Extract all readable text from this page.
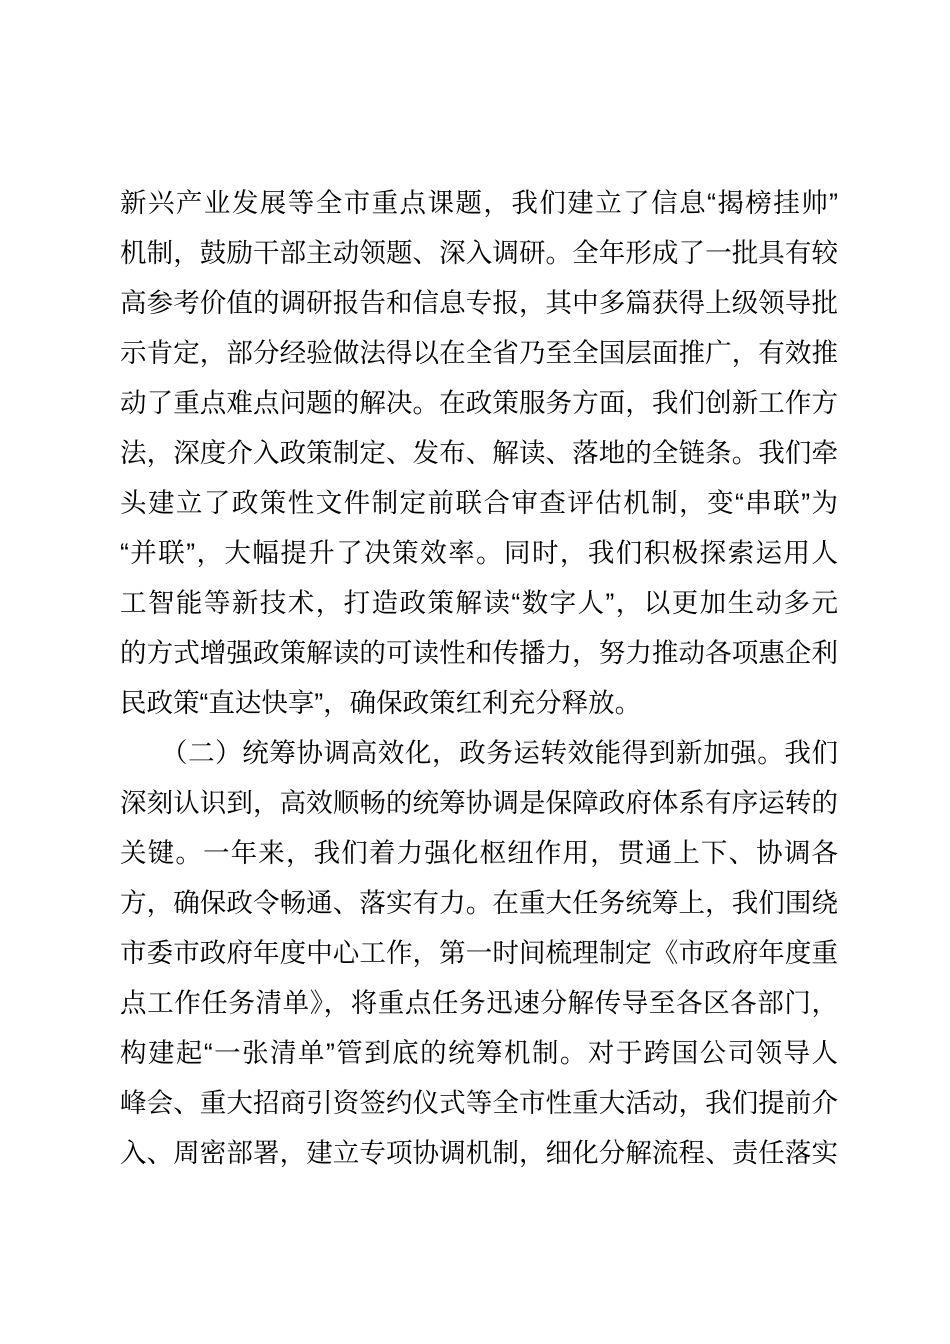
新兴产业发展等全市重点课题，我们建立了信息“揭榜挂帅”

机制，鼓励干部主动领题、深入调研。全年形成了一批具有较

高参考价值的调研报告和信息专报，其中多篇获得上级领导批

示肯定，部分经验做法得以在全省乃至全国层面推广，有效推

动了重点难点问题的解决。在政策服务方面，我们创新工作方

法，深度介入政策制定、发布、解读、落地的全链条。我们牵

头建立了政策性文件制定前联合审查评估机制，变“串联”为

“并联”，大幅提升了决策效率。同时，我们积极探索运用人

工智能等新技术，打造政策解读“数字人”，以更加生动多元

的方式增强政策解读的可读性和传播力，努力推动各项惠企利

民政策“直达快享”，确保政策红利充分释放。

　　（二）统筹协调高效化，政务运转效能得到新加强。我们

深刻认识到，高效顺畅的统筹协调是保障政府体系有序运转的

关键。一年来，我们着力强化枢纽作用，贯通上下、协调各

方，确保政令畅通、落实有力。在重大任务统筹上，我们围绕

市委市政府年度中心工作，第一时间梳理制定《市政府年度重

点工作任务清单》，将重点任务迅速分解传导至各区各部门，

构建起“一张清单”管到底的统筹机制。对于跨国公司领导人

峰会、重大招商引资签约仪式等全市性重大活动，我们提前介

入、周密部署，建立专项协调机制，细化分解流程、责任落实
